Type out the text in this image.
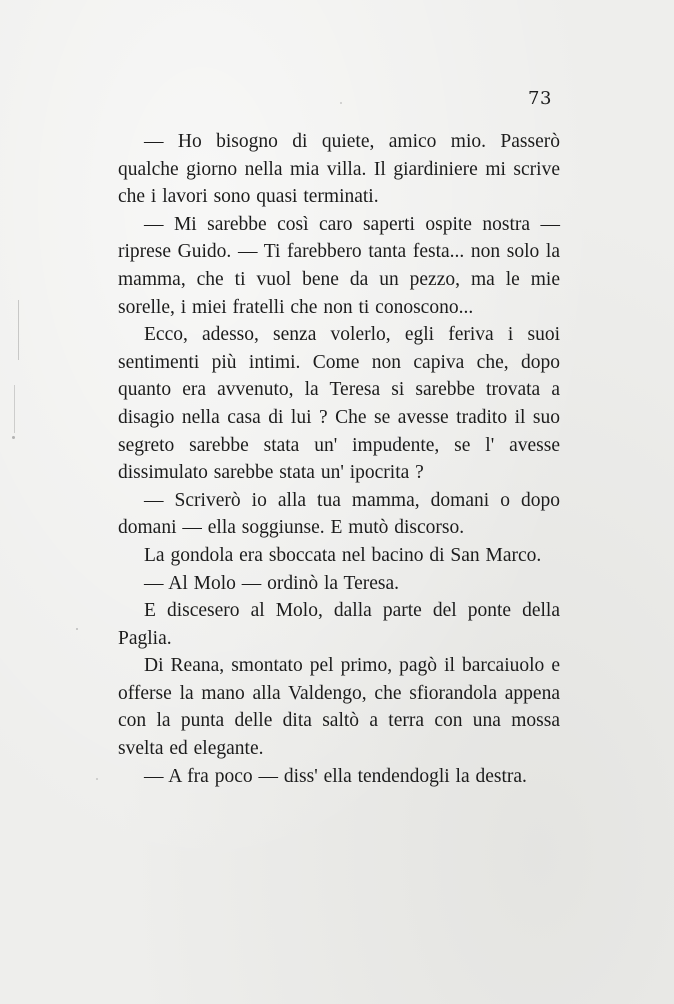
73

— Ho bisogno di quiete, amico mio. Passerò qualche giorno nella mia villa. Il giardiniere mi scrive che i lavori sono quasi terminati.

— Mi sarebbe così caro saperti ospite nostra — riprese Guido. — Ti farebbero tanta festa... non solo la mamma, che ti vuol bene da un pezzo, ma le mie sorelle, i miei fratelli che non ti conoscono...

Ecco, adesso, senza volerlo, egli feriva i suoi sentimenti più intimi. Come non capiva che, dopo quanto era avvenuto, la Teresa si sarebbe trovata a disagio nella casa di lui ? Che se avesse tradito il suo segreto sarebbe stata un' impudente, se l' avesse dissimulato sarebbe stata un' ipocrita ?

— Scriverò io alla tua mamma, domani o dopo domani — ella soggiunse. E mutò discorso.

La gondola era sboccata nel bacino di San Marco.

— Al Molo — ordinò la Teresa.

E discesero al Molo, dalla parte del ponte della Paglia.

Di Reana, smontato pel primo, pagò il barcaiuolo e offerse la mano alla Valdengo, che sfiorandola appena con la punta delle dita saltò a terra con una mossa svelta ed elegante.

— A fra poco — diss' ella tendendogli la destra.
